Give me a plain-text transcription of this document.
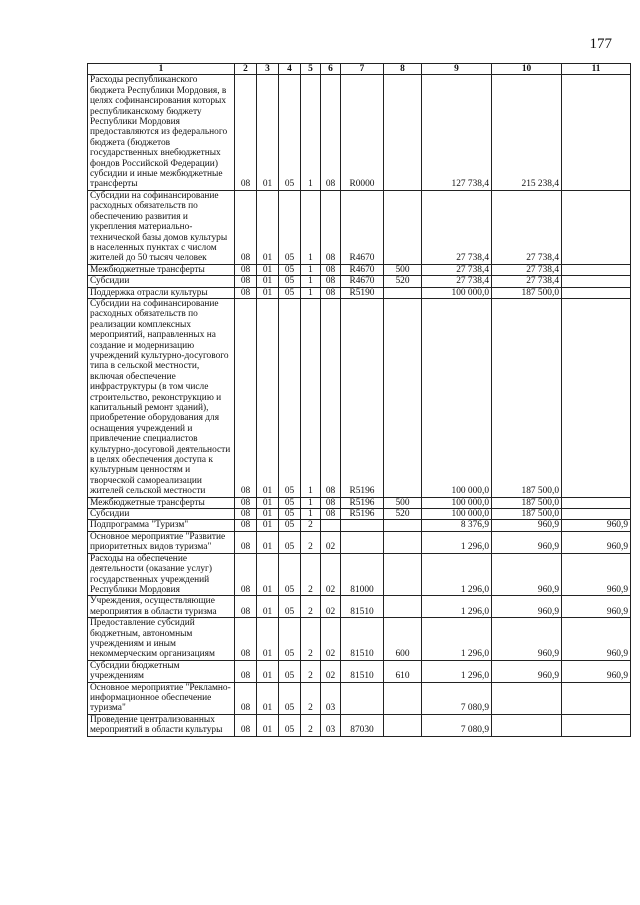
177
1	2	3	4	5	6	7	8	9	10	11
Расходы республиканского бюджета Республики Мордовия, в целях софинансирования которых республиканскому бюджету Республики Мордовия предоставляются из федерального бюджета (бюджетов государственных внебюджетных фондов Российской Федерации) субсидии и иные межбюджетные трансферты	08	01	05	1	08	R0000		127 738,4	215 238,4	
Субсидии на софинансирование расходных обязательств по обеспечению развития и укрепления материально-технической базы домов культуры в населенных пунктах с числом жителей до 50 тысяч человек	08	01	05	1	08	R4670		27 738,4	27 738,4	
Межбюджетные трансферты	08	01	05	1	08	R4670	500	27 738,4	27 738,4	
Субсидии	08	01	05	1	08	R4670	520	27 738,4	27 738,4	
Поддержка отрасли культуры	08	01	05	1	08	R5190		100 000,0	187 500,0	
Субсидии на софинансирование расходных обязательств по реализации комплексных мероприятий, направленных на создание и модернизацию учреждений культурно-досугового типа в сельской местности, включая обеспечение инфраструктуры (в том числе строительство, реконструкцию и капитальный ремонт зданий), приобретение оборудования для оснащения учреждений и привлечение специалистов культурно-досуговой деятельности в целях обеспечения доступа к культурным ценностям и творческой самореализации жителей сельской местности	08	01	05	1	08	R5196		100 000,0	187 500,0	
Межбюджетные трансферты	08	01	05	1	08	R5196	500	100 000,0	187 500,0	
Субсидии	08	01	05	1	08	R5196	520	100 000,0	187 500,0	
Подпрограмма "Туризм"	08	01	05	2				8 376,9	960,9	960,9
Основное мероприятие "Развитие приоритетных видов туризма"	08	01	05	2	02			1 296,0	960,9	960,9
Расходы на обеспечение деятельности (оказание услуг) государственных учреждений Республики Мордовия	08	01	05	2	02	81000		1 296,0	960,9	960,9
Учреждения, осуществляющие мероприятия в области туризма	08	01	05	2	02	81510		1 296,0	960,9	960,9
Предоставление субсидий бюджетным, автономным учреждениям и иным некоммерческим организациям	08	01	05	2	02	81510	600	1 296,0	960,9	960,9
Субсидии бюджетным учреждениям	08	01	05	2	02	81510	610	1 296,0	960,9	960,9
Основное мероприятие "Рекламно-информационное обеспечение туризма"	08	01	05	2	03			7 080,9		
Проведение централизованных мероприятий в области культуры	08	01	05	2	03	87030		7 080,9		
